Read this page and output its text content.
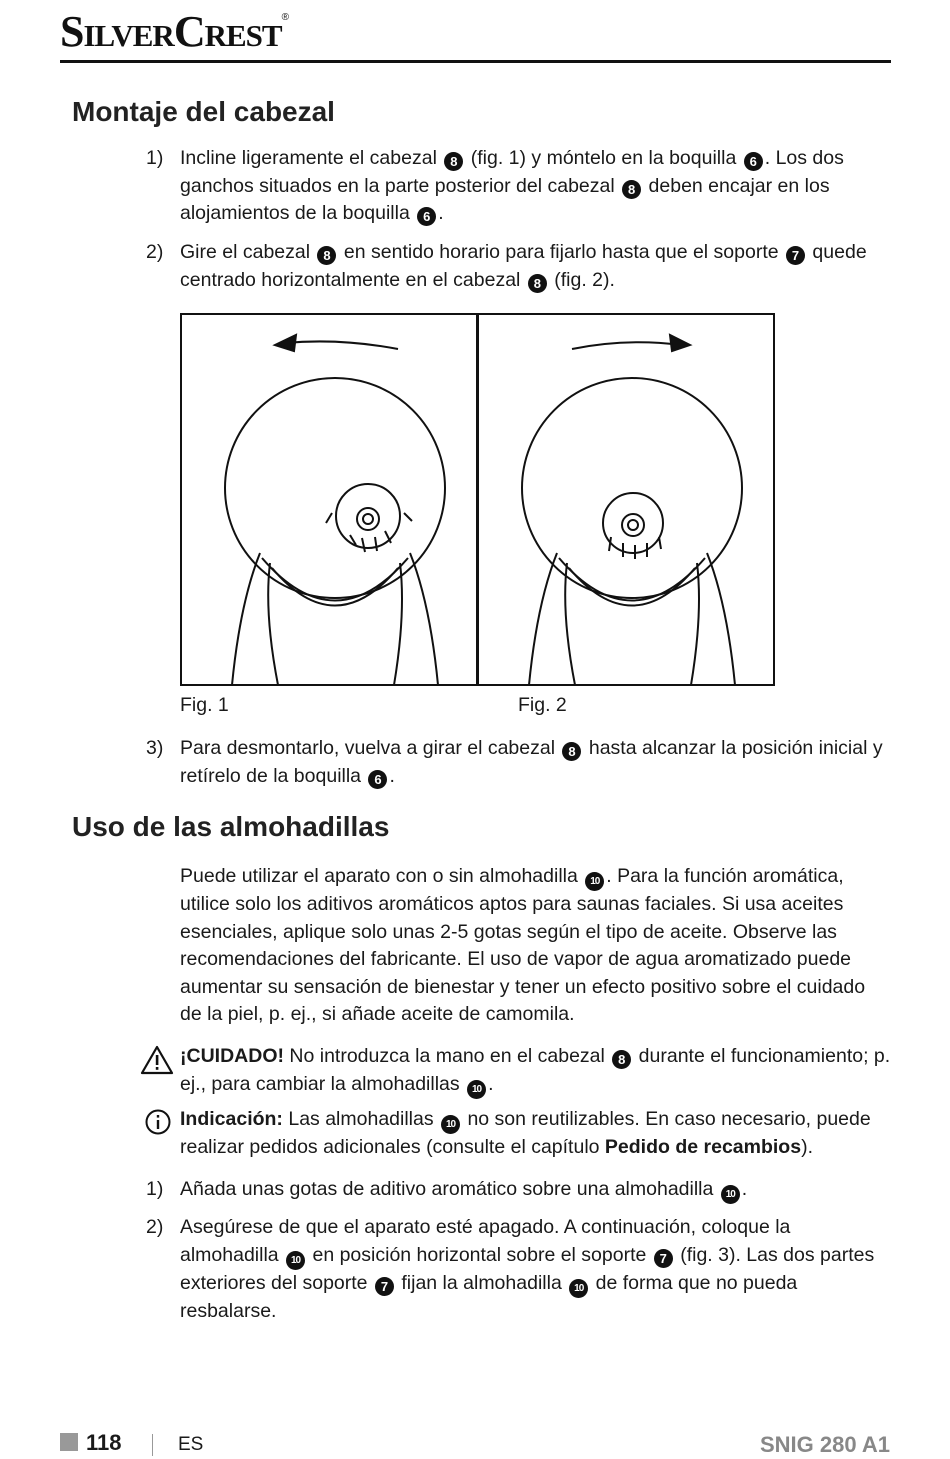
SilverCrest®
Montaje del cabezal
1) Incline ligeramente el cabezal 8 (fig. 1) y móntelo en la boquilla 6 . Los dos ganchos situados en la parte posterior del cabezal 8 deben encajar en los alojamientos de la boquilla 6 .
2) Gire el cabezal 8 en sentido horario para fijarlo hasta que el soporte 7 quede centrado horizontalmente en el cabezal 8 (fig. 2).
Fig. 1	Fig. 2
3) Para desmontarlo, vuelva a girar el cabezal 8 hasta alcanzar la posición inicial y retírelo de la boquilla 6 .
Uso de las almohadillas
Puede utilizar el aparato con o sin almohadilla 10 . Para la función aromática, utilice solo los aditivos aromáticos aptos para saunas faciales. Si usa aceites esenciales, aplique solo unas 2-5 gotas según el tipo de aceite. Observe las recomendaciones del fabricante. El uso de vapor de agua aromatizado puede aumentar su sensación de bienestar y tener un efecto positivo sobre el cuidado de la piel, p. ej., si añade aceite de camomila.
¡CUIDADO! No introduzca la mano en el cabezal 8 durante el funcionamiento; p. ej., para cambiar la almohadillas 10 .
Indicación: Las almohadillas 10 no son reutilizables. En caso necesario, puede realizar pedidos adicionales (consulte el capítulo Pedido de recambios).
1) Añada unas gotas de aditivo aromático sobre una almohadilla 10 .
2) Asegúrese de que el aparato esté apagado. A continuación, coloque la almohadilla 10 en posición horizontal sobre el soporte 7 (fig. 3). Las dos partes exteriores del soporte 7 fijan la almohadilla 10 de forma que no pueda resbalarse.
118	ES	SNIG 280 A1
